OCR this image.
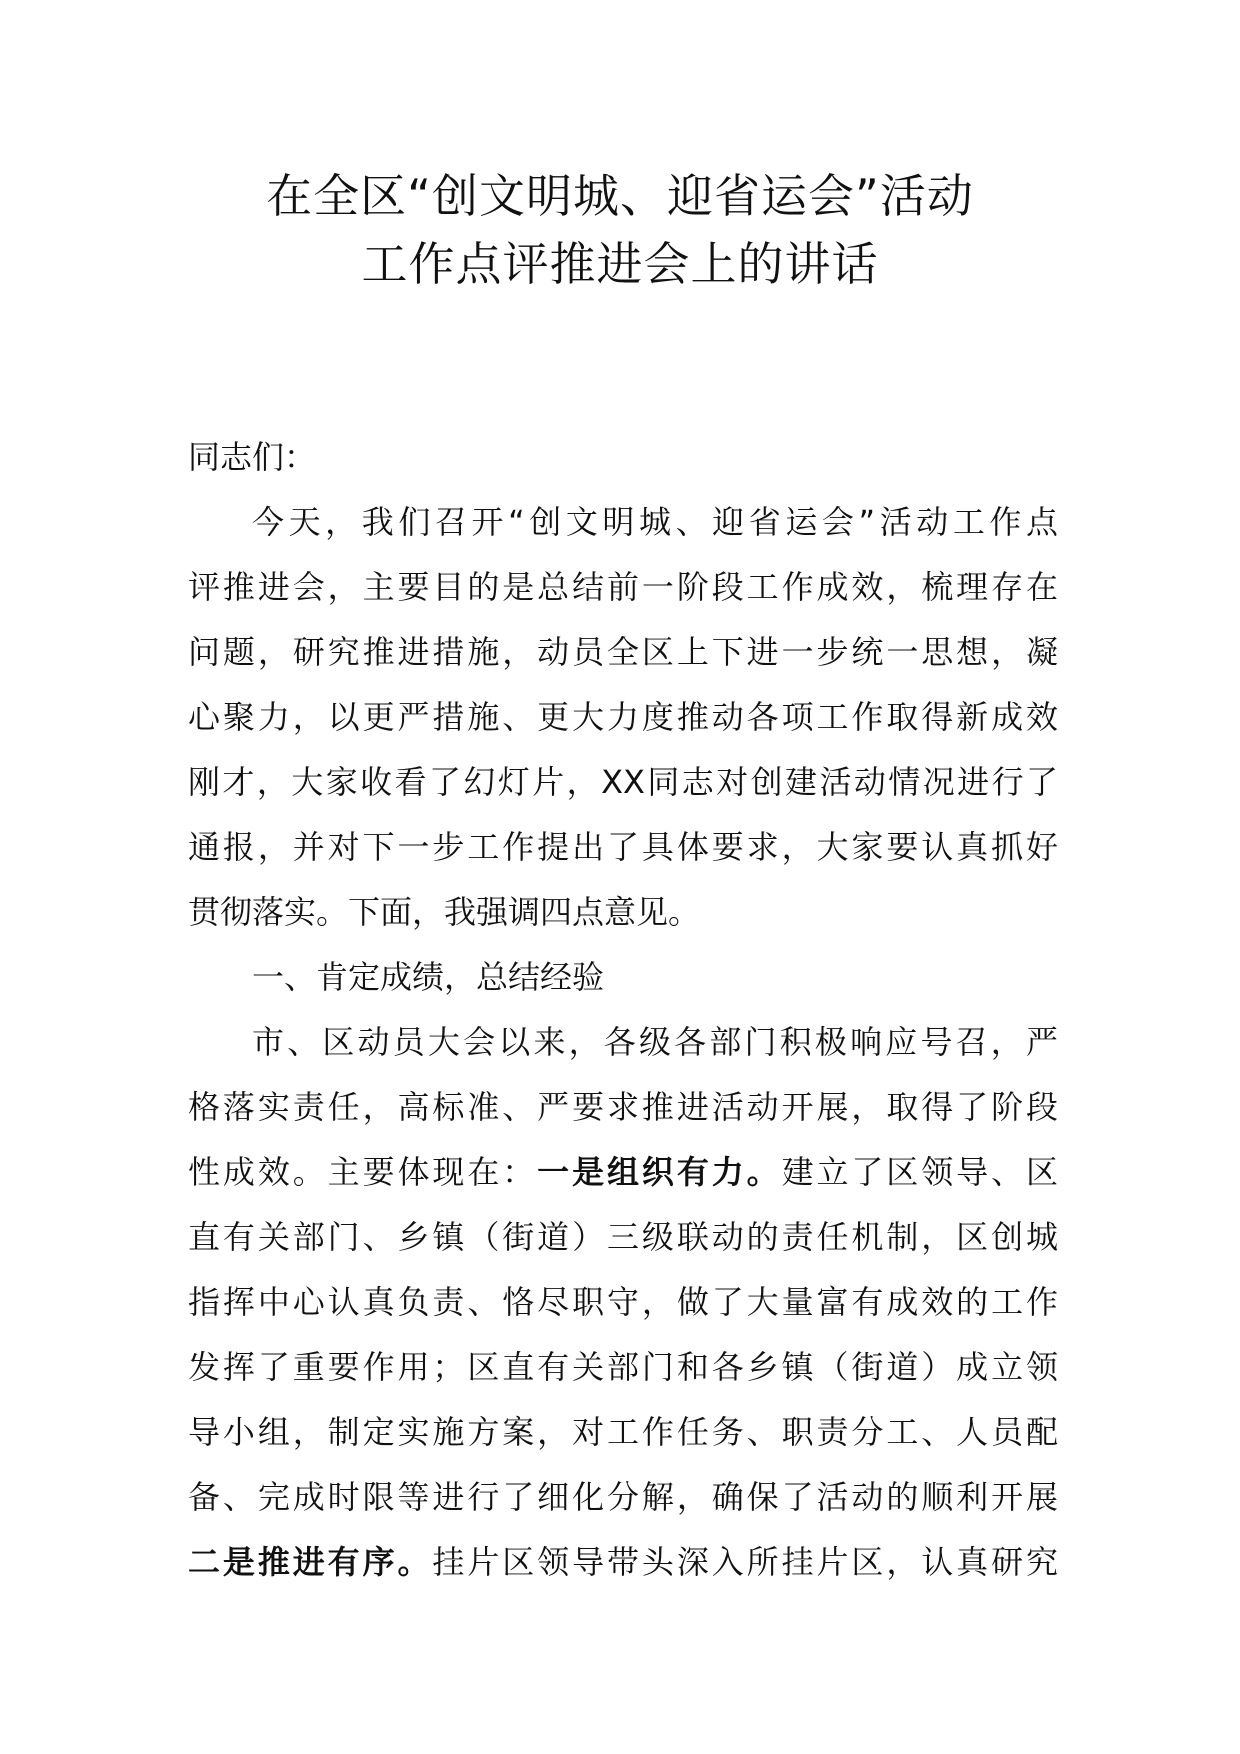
在全区“创文明城、迎省运会”活动
工作点评推进会上的讲话

同志们：

今天，我们召开“创文明城、迎省运会”活动工作点
评推进会，主要目的是总结前一阶段工作成效，梳理存在
问题，研究推进措施，动员全区上下进一步统一思想，凝
心聚力，以更严措施、更大力度推动各项工作取得新成效
刚才，大家收看了幻灯片，XX同志对创建活动情况进行了
通报，并对下一步工作提出了具体要求，大家要认真抓好
贯彻落实。下面，我强调四点意见。

一、肯定成绩，总结经验

市、区动员大会以来，各级各部门积极响应号召，严
格落实责任，高标准、严要求推进活动开展，取得了阶段
性成效。主要体现在：一是组织有力。建立了区领导、区
直有关部门、乡镇（街道）三级联动的责任机制，区创城
指挥中心认真负责、恪尽职守，做了大量富有成效的工作
发挥了重要作用；区直有关部门和各乡镇（街道）成立领
导小组，制定实施方案，对工作任务、职责分工、人员配
备、完成时限等进行了细化分解，确保了活动的顺利开展
二是推进有序。挂片区领导带头深入所挂片区，认真研究
